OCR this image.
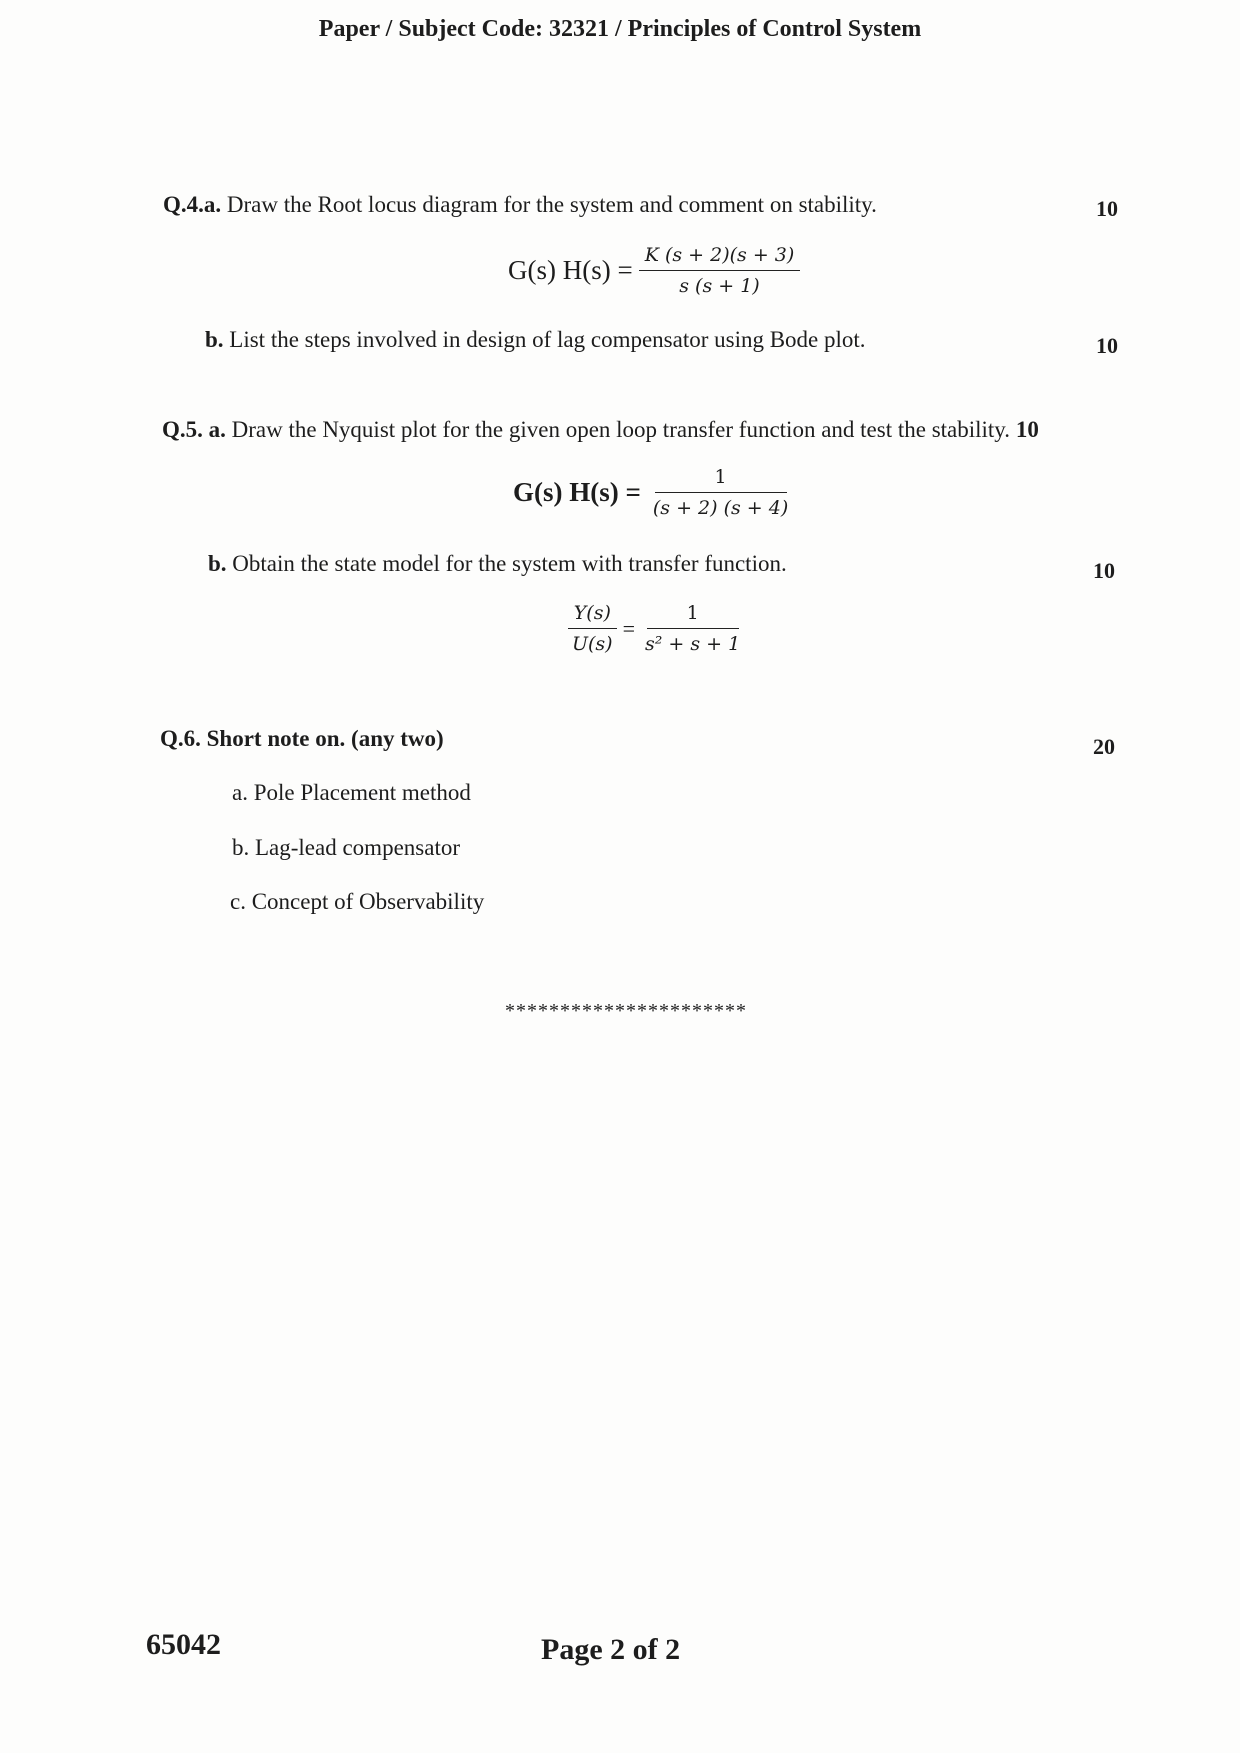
Paper / Subject Code: 32321 / Principles of Control System
Q.4.a. Draw the Root locus diagram for the system and comment on stability.	10
G(s) $H(s) = \frac{K (s + 2)(s + 3)}{s (s + 1)}$
b. List the steps involved in design of lag compensator using Bode plot.	10
Q.5. a. Draw the Nyquist plot for the given open loop transfer function and test the stability. 10
G(s) $H(s) = \frac{1}{(s + 2) (s + 4)}$
b. Obtain the state model for the system with transfer function.	10
$\frac{Y(s)}{U(s)} = \frac{1}{\text{s² + s + 1}}$
Q.6. Short note on. (any two)	20
a. Pole Placement method
b. Lag-lead compensator
c. Concept of Observability
**********************
65042	Page 2 of 2
